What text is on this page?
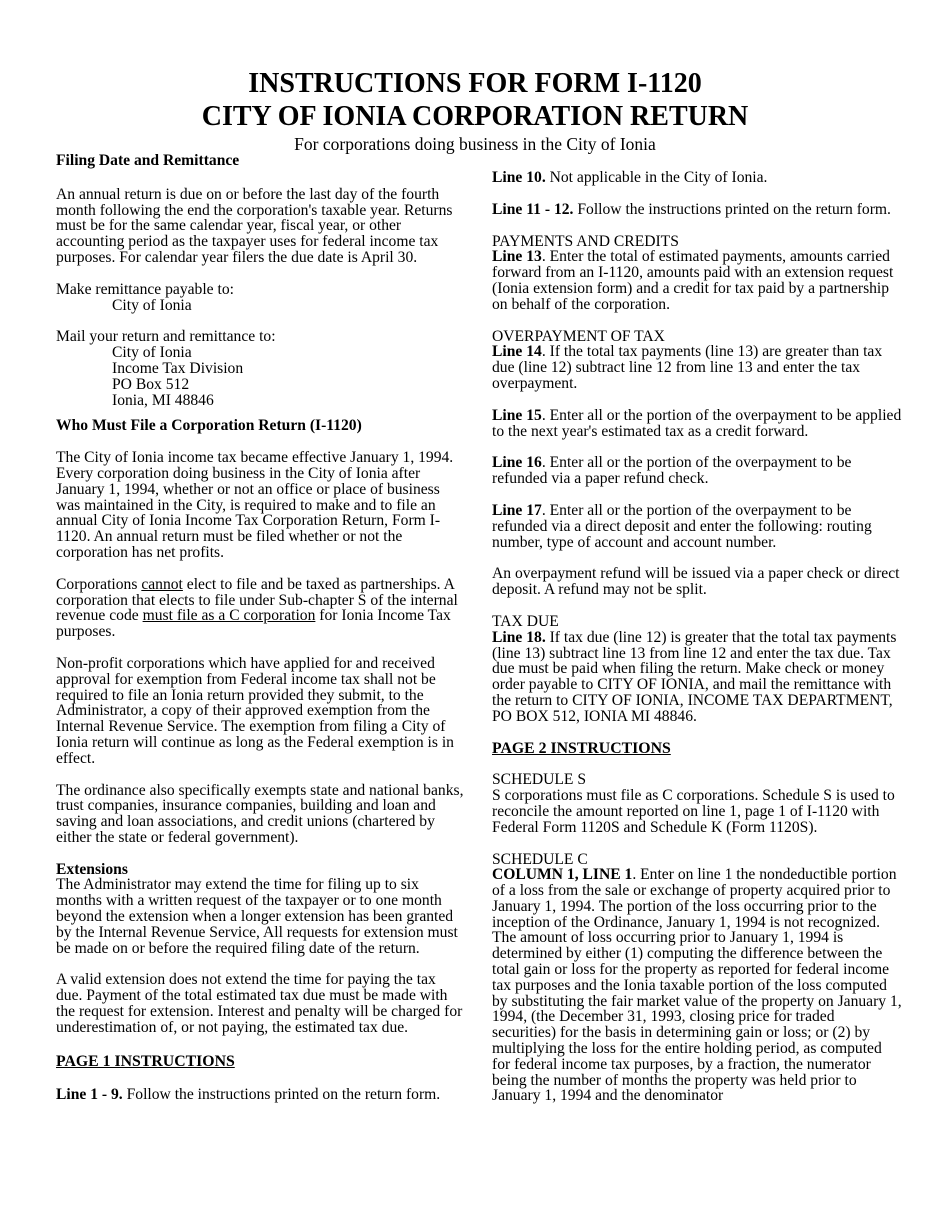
INSTRUCTIONS FOR FORM I-1120
CITY OF IONIA CORPORATION RETURN
For corporations doing business in the City of Ionia

Filing Date and Remittance

An annual return is due on or before the last day of the fourth month following the end the corporation's taxable year. Returns must be for the same calendar year, fiscal year, or other accounting period as the taxpayer uses for federal income tax purposes. For calendar year filers the due date is April 30.

Make remittance payable to:

City of Ionia

Mail your return and remittance to:

City of Ionia

Income Tax Division

PO Box 512

Ionia, MI 48846

Who Must File a Corporation Return (I-1120)

The City of Ionia income tax became effective January 1, 1994. Every corporation doing business in the City of Ionia after January 1, 1994, whether or not an office or place of business was maintained in the City, is required to make and to file an annual City of Ionia Income Tax Corporation Return, Form I-1120. An annual return must be filed whether or not the corporation has net profits.

Corporations cannot elect to file and be taxed as partnerships. A corporation that elects to file under Sub-chapter S of the internal revenue code must file as a C corporation for Ionia Income Tax purposes.

Non-profit corporations which have applied for and received approval for exemption from Federal income tax shall not be required to file an Ionia return provided they submit, to the Administrator, a copy of their approved exemption from the Internal Revenue Service. The exemption from filing a City of Ionia return will continue as long as the Federal exemption is in effect.

The ordinance also specifically exempts state and national banks, trust companies, insurance companies, building and loan and saving and loan associations, and credit unions (chartered by either the state or federal government).

Extensions

The Administrator may extend the time for filing up to six months with a written request of the taxpayer or to one month beyond the extension when a longer extension has been granted by the Internal Revenue Service, All requests for extension must be made on or before the required filing date of the return.

A valid extension does not extend the time for paying the tax due. Payment of the total estimated tax due must be made with the request for extension. Interest and penalty will be charged for underestimation of, or not paying, the estimated tax due.

PAGE 1 INSTRUCTIONS

Line 1 - 9. Follow the instructions printed on the return form.

Line 10. Not applicable in the City of Ionia.

Line 11 - 12. Follow the instructions printed on the return form.

PAYMENTS AND CREDITS

Line 13. Enter the total of estimated payments, amounts carried forward from an I-1120, amounts paid with an extension request (Ionia extension form) and a credit for tax paid by a partnership on behalf of the corporation.

OVERPAYMENT OF TAX

Line 14. If the total tax payments (line 13) are greater than tax due (line 12) subtract line 12 from line 13 and enter the tax overpayment.

Line 15. Enter all or the portion of the overpayment to be applied to the next year's estimated tax as a credit forward.

Line 16. Enter all or the portion of the overpayment to be refunded via a paper refund check.

Line 17. Enter all or the portion of the overpayment to be refunded via a direct deposit and enter the following: routing number, type of account and account number.

An overpayment refund will be issued via a paper check or direct deposit. A refund may not be split.

TAX DUE

Line 18. If tax due (line 12) is greater that the total tax payments (line 13) subtract line 13 from line 12 and enter the tax due. Tax due must be paid when filing the return. Make check or money order payable to CITY OF IONIA, and mail the remittance with the return to CITY OF IONIA, INCOME TAX DEPARTMENT, PO BOX 512, IONIA MI 48846.

PAGE 2 INSTRUCTIONS

SCHEDULE S

S corporations must file as C corporations. Schedule S is used to reconcile the amount reported on line 1, page 1 of I-1120 with Federal Form 1120S and Schedule K (Form 1120S).

SCHEDULE C

COLUMN 1, LINE 1. Enter on line 1 the nondeductible portion of a loss from the sale or exchange of property acquired prior to January 1, 1994. The portion of the loss occurring prior to the inception of the Ordinance, January 1, 1994 is not recognized. The amount of loss occurring prior to January 1, 1994 is determined by either (1) computing the difference between the total gain or loss for the property as reported for federal income tax purposes and the Ionia taxable portion of the loss computed by substituting the fair market value of the property on January 1, 1994, (the December 31, 1993, closing price for traded securities) for the basis in determining gain or loss; or (2) by multiplying the loss for the entire holding period, as computed for federal income tax purposes, by a fraction, the numerator being the number of months the property was held prior to January 1, 1994 and the denominator
